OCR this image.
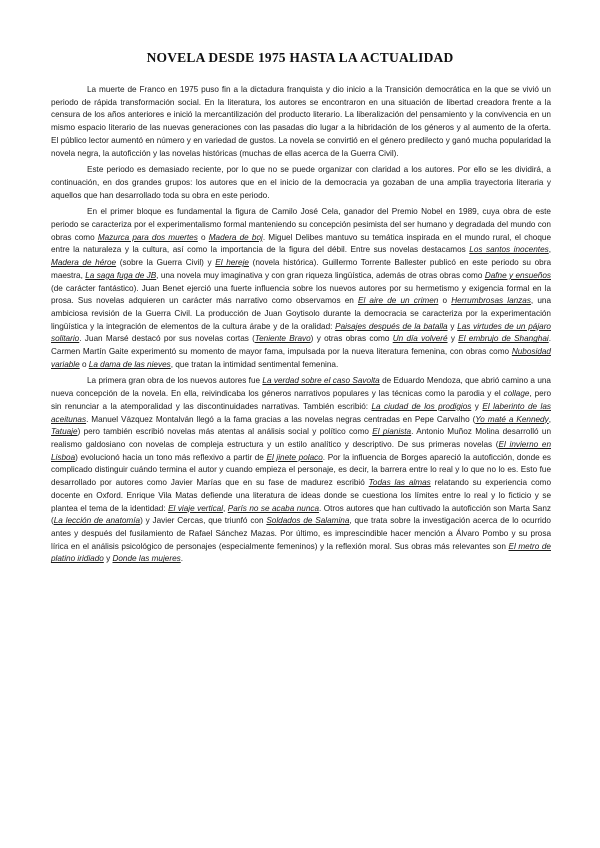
NOVELA DESDE 1975 HASTA LA ACTUALIDAD

La muerte de Franco en 1975 puso fin a la dictadura franquista y dio inicio a la Transición democrática en la que se vivió un periodo de rápida transformación social. En la literatura, los autores se encontraron en una situación de libertad creadora frente a la censura de los años anteriores e inició la mercantilización del producto literario. La liberalización del pensamiento y la convivencia en un mismo espacio literario de las nuevas generaciones con las pasadas dio lugar a la hibridación de los géneros y al aumento de la oferta. El público lector aumentó en número y en variedad de gustos. La novela se convirtió en el género predilecto y ganó mucha popularidad la novela negra, la autoficción y las novelas históricas (muchas de ellas acerca de la Guerra Civil).

Este periodo es demasiado reciente, por lo que no se puede organizar con claridad a los autores. Por ello se les dividirá, a continuación, en dos grandes grupos: los autores que en el inicio de la democracia ya gozaban de una amplia trayectoria literaria y aquellos que han desarrollado toda su obra en este periodo.

En el primer bloque es fundamental la figura de Camilo José Cela, ganador del Premio Nobel en 1989, cuya obra de este periodo se caracteriza por el experimentalismo formal manteniendo su concepción pesimista del ser humano y degradada del mundo con obras como Mazurca para dos muertes o Madera de boj. Miguel Delibes mantuvo su temática inspirada en el mundo rural, el choque entre la naturaleza y la cultura, así como la importancia de la figura del débil. Entre sus novelas destacamos Los santos inocentes, Madera de héroe (sobre la Guerra Civil) y El hereje (novela histórica). Guillermo Torrente Ballester publicó en este periodo su obra maestra, La saga fuga de JB, una novela muy imaginativa y con gran riqueza lingüística, además de otras obras como Dafne y ensueños (de carácter fantástico). Juan Benet ejerció una fuerte influencia sobre los nuevos autores por su hermetismo y exigencia formal en la prosa. Sus novelas adquieren un carácter más narrativo como observamos en El aire de un crimen o Herrumbrosas lanzas, una ambiciosa revisión de la Guerra Civil. La producción de Juan Goytisolo durante la democracia se caracteriza por la experimentación lingüística y la integración de elementos de la cultura árabe y de la oralidad: Paisajes después de la batalla y Las virtudes de un pájaro solitario. Juan Marsé destacó por sus novelas cortas (Teniente Bravo) y otras obras como Un día volveré y El embrujo de Shanghai. Carmen Martín Gaite experimentó su momento de mayor fama, impulsada por la nueva literatura femenina, con obras como Nubosidad variable o La dama de las nieves, que tratan la intimidad sentimental femenina.

La primera gran obra de los nuevos autores fue La verdad sobre el caso Savolta de Eduardo Mendoza, que abrió camino a una nueva concepción de la novela. En ella, reivindicaba los géneros narrativos populares y las técnicas como la parodia y el collage, pero sin renunciar a la atemporalidad y las discontinuidades narrativas. También escribió: La ciudad de los prodigios y El laberinto de las aceitunas. Manuel Vázquez Montalván llegó a la fama gracias a las novelas negras centradas en Pepe Carvalho (Yo maté a Kennedy, Tatuaje) pero también escribió novelas más atentas al análisis social y político como El pianista. Antonio Muñoz Molina desarrolló un realismo galdosiano con novelas de compleja estructura y un estilo analítico y descriptivo. De sus primeras novelas (El invierno en Lisboa) evolucionó hacia un tono más reflexivo a partir de El jinete polaco. Por la influencia de Borges apareció la autoficción, donde es complicado distinguir cuándo termina el autor y cuando empieza el personaje, es decir, la barrera entre lo real y lo que no lo es. Esto fue desarrollado por autores como Javier Marías que en su fase de madurez escribió Todas las almas relatando su experiencia como docente en Oxford. Enrique Vila Matas defiende una literatura de ideas donde se cuestiona los límites entre lo real y lo ficticio y se plantea el tema de la identidad: El viaje vertical, París no se acaba nunca. Otros autores que han cultivado la autoficción son Marta Sanz (La lección de anatomía) y Javier Cercas, que triunfó con Soldados de Salamina, que trata sobre la investigación acerca de lo ocurrido antes y después del fusilamiento de Rafael Sánchez Mazas. Por último, es imprescindible hacer mención a Álvaro Pombo y su prosa lírica en el análisis psicológico de personajes (especialmente femeninos) y la reflexión moral. Sus obras más relevantes son El metro de platino iridiado y Donde las mujeres.
